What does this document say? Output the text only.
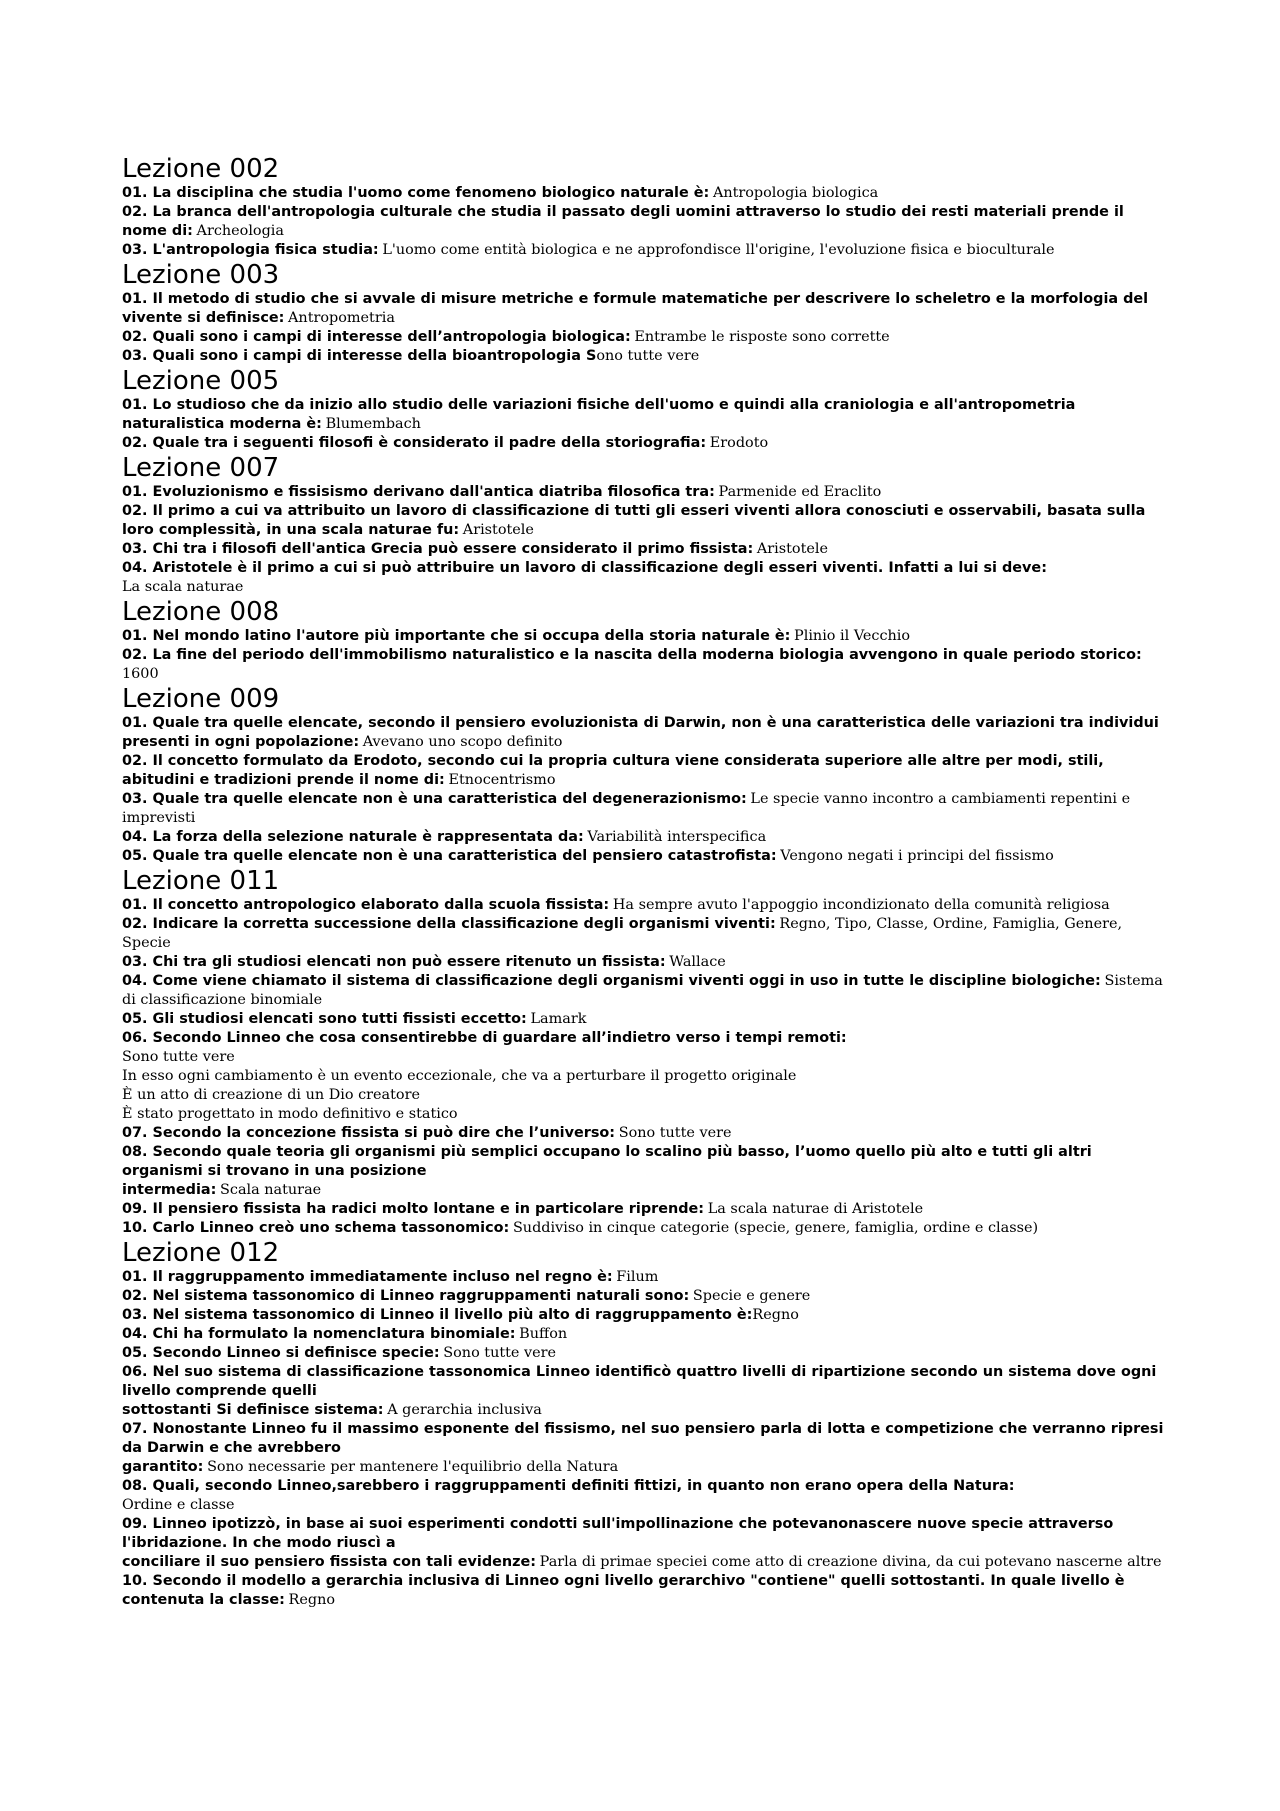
Lezione 002

01. La disciplina che studia l'uomo come fenomeno biologico naturale è: Antropologia biologica

02. La branca dell'antropologia culturale che studia il passato degli uomini attraverso lo studio dei resti materiali prende il nome di: Archeologia

03. L'antropologia fisica studia: L'uomo come entità biologica e ne approfondisce ll'origine, l'evoluzione fisica e bioculturale

Lezione 003

01. Il metodo di studio che si avvale di misure metriche e formule matematiche per descrivere lo scheletro e la morfologia del vivente si definisce: Antropometria

02. Quali sono i campi di interesse dell’antropologia biologica: Entrambe le risposte sono corrette

03. Quali sono i campi di interesse della bioantropologia Sono tutte vere

Lezione 005

01. Lo studioso che da inizio allo studio delle variazioni fisiche dell'uomo e quindi alla craniologia e all'antropometria naturalistica moderna è: Blumembach

02. Quale tra i seguenti filosofi è considerato il padre della storiografia: Erodoto

Lezione 007

01. Evoluzionismo e fissisismo derivano dall'antica diatriba filosofica tra: Parmenide ed Eraclito

02. Il primo a cui va attribuito un lavoro di classificazione di tutti gli esseri viventi allora conosciuti e osservabili, basata sulla loro complessità, in una scala naturae fu: Aristotele

03. Chi tra i filosofi dell'antica Grecia può essere considerato il primo fissista: Aristotele

04. Aristotele è il primo a cui si può attribuire un lavoro di classificazione degli esseri viventi. Infatti a lui si deve:
La scala naturae

Lezione 008

01. Nel mondo latino l'autore più importante che si occupa della storia naturale è: Plinio il Vecchio

02. La fine del periodo dell'immobilismo naturalistico e la nascita della moderna biologia avvengono in quale periodo storico: 1600

Lezione 009

01. Quale tra quelle elencate, secondo il pensiero evoluzionista di Darwin, non è una caratteristica delle variazioni tra individui presenti in ogni popolazione: Avevano uno scopo definito

02. Il concetto formulato da Erodoto, secondo cui la propria cultura viene considerata superiore alle altre per modi, stili, abitudini e tradizioni prende il nome di: Etnocentrismo

03. Quale tra quelle elencate non è una caratteristica del degenerazionismo: Le specie vanno incontro a cambiamenti repentini e imprevisti

04. La forza della selezione naturale è rappresentata da: Variabilità interspecifica

05. Quale tra quelle elencate non è una caratteristica del pensiero catastrofista: Vengono negati i principi del fissismo

Lezione 011

01. Il concetto antropologico elaborato dalla scuola fissista: Ha sempre avuto l'appoggio incondizionato della comunità religiosa

02. Indicare la corretta successione della classificazione degli organismi viventi: Regno, Tipo, Classe, Ordine, Famiglia, Genere, Specie

03. Chi tra gli studiosi elencati non può essere ritenuto un fissista: Wallace

04. Come viene chiamato il sistema di classificazione degli organismi viventi oggi in uso in tutte le discipline biologiche: Sistema di classificazione binomiale

05. Gli studiosi elencati sono tutti fissisti eccetto: Lamark

06. Secondo Linneo che cosa consentirebbe di guardare all’indietro verso i tempi remoti:
Sono tutte vere
In esso ogni cambiamento è un evento eccezionale, che va a perturbare il progetto originale
È un atto di creazione di un Dio creatore
È stato progettato in modo definitivo e statico

07. Secondo la concezione fissista si può dire che l’universo: Sono tutte vere

08. Secondo quale teoria gli organismi più semplici occupano lo scalino più basso, l’uomo quello più alto e tutti gli altri organismi si trovano in una posizione
intermedia: Scala naturae

09. Il pensiero fissista ha radici molto lontane e in particolare riprende: La scala naturae di Aristotele

10. Carlo Linneo creò uno schema tassonomico: Suddiviso in cinque categorie (specie, genere, famiglia, ordine e classe)

Lezione 012

01. Il raggruppamento immediatamente incluso nel regno è: Filum

02. Nel sistema tassonomico di Linneo raggruppamenti naturali sono: Specie e genere

03. Nel sistema tassonomico di Linneo il livello più alto di raggruppamento è:Regno

04. Chi ha formulato la nomenclatura binomiale: Buffon

05. Secondo Linneo si definisce specie: Sono tutte vere

06. Nel suo sistema di classificazione tassonomica Linneo identificò quattro livelli di ripartizione secondo un sistema dove ogni livello comprende quelli
sottostanti Si definisce sistema: A gerarchia inclusiva

07. Nonostante Linneo fu il massimo esponente del fissismo, nel suo pensiero parla di lotta e competizione che verranno ripresi da Darwin e che avrebbero
garantito: Sono necessarie per mantenere l'equilibrio della Natura

08. Quali, secondo Linneo,sarebbero i raggruppamenti definiti fittizi, in quanto non erano opera della Natura:
Ordine e classe

09. Linneo ipotizzò, in base ai suoi esperimenti condotti sull'impollinazione che potevanonascere nuove specie attraverso l'ibridazione. In che modo riuscì a
conciliare il suo pensiero fissista con tali evidenze: Parla di primae speciei come atto di creazione divina, da cui potevano nascerne altre

10. Secondo il modello a gerarchia inclusiva di Linneo ogni livello gerarchivo "contiene" quelli sottostanti. In quale livello è contenuta la classe: Regno
